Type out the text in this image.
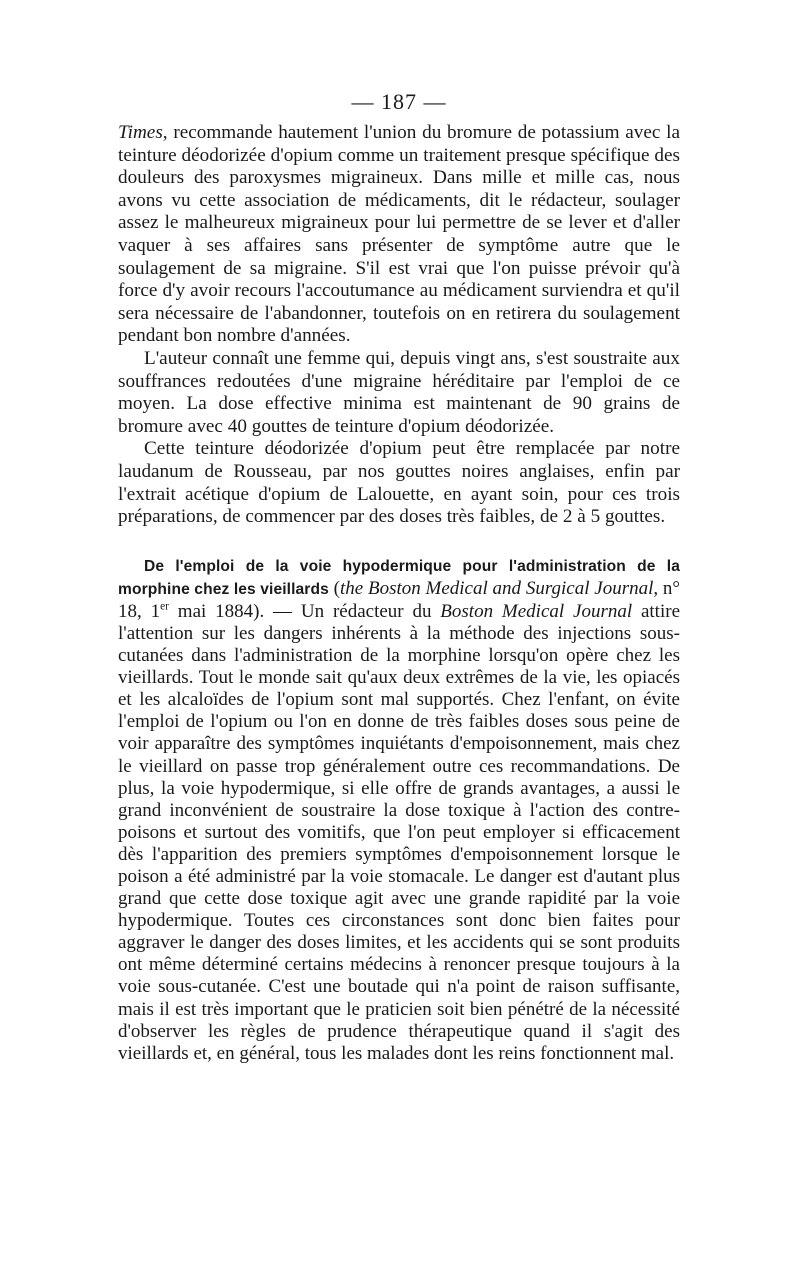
— 187 —

Times, recommande hautement l'union du bromure de potassium avec la teinture déodorizée d'opium comme un traitement presque spécifique des douleurs des paroxysmes migraineux. Dans mille et mille cas, nous avons vu cette association de médicaments, dit le rédacteur, soulager assez le malheureux migraineux pour lui permettre de se lever et d'aller vaquer à ses affaires sans présenter de symptôme autre que le soulagement de sa migraine. S'il est vrai que l'on puisse prévoir qu'à force d'y avoir recours l'accoutumance au médicament surviendra et qu'il sera nécessaire de l'abandonner, toutefois on en retirera du soulagement pendant bon nombre d'années.

L'auteur connaît une femme qui, depuis vingt ans, s'est soustraite aux souffrances redoutées d'une migraine héréditaire par l'emploi de ce moyen. La dose effective minima est maintenant de 90 grains de bromure avec 40 gouttes de teinture d'opium déodorizée.

Cette teinture déodorizée d'opium peut être remplacée par notre laudanum de Rousseau, par nos gouttes noires anglaises, enfin par l'extrait acétique d'opium de Lalouette, en ayant soin, pour ces trois préparations, de commencer par des doses très faibles, de 2 à 5 gouttes.

De l'emploi de la voie hypodermique pour l'administration de la morphine chez les vieillards (the Boston Medical and Surgical Journal, n° 18, 1er mai 1884). — Un rédacteur du Boston Medical Journal attire l'attention sur les dangers inhérents à la méthode des injections sous-cutanées dans l'administration de la morphine lorsqu'on opère chez les vieillards. Tout le monde sait qu'aux deux extrêmes de la vie, les opiacés et les alcaloïdes de l'opium sont mal supportés. Chez l'enfant, on évite l'emploi de l'opium ou l'on en donne de très faibles doses sous peine de voir apparaître des symptômes inquiétants d'empoisonnement, mais chez le vieillard on passe trop généralement outre ces recommandations. De plus, la voie hypodermique, si elle offre de grands avantages, a aussi le grand inconvénient de soustraire la dose toxique à l'action des contre-poisons et surtout des vomitifs, que l'on peut employer si efficacement dès l'apparition des premiers symptômes d'empoisonnement lorsque le poison a été administré par la voie stomacale. Le danger est d'autant plus grand que cette dose toxique agit avec une grande rapidité par la voie hypodermique. Toutes ces circonstances sont donc bien faites pour aggraver le danger des doses limites, et les accidents qui se sont produits ont même déterminé certains médecins à renoncer presque toujours à la voie sous-cutanée. C'est une boutade qui n'a point de raison suffisante, mais il est très important que le praticien soit bien pénétré de la nécessité d'observer les règles de prudence thérapeutique quand il s'agit des vieillards et, en général, tous les malades dont les reins fonctionnent mal.
